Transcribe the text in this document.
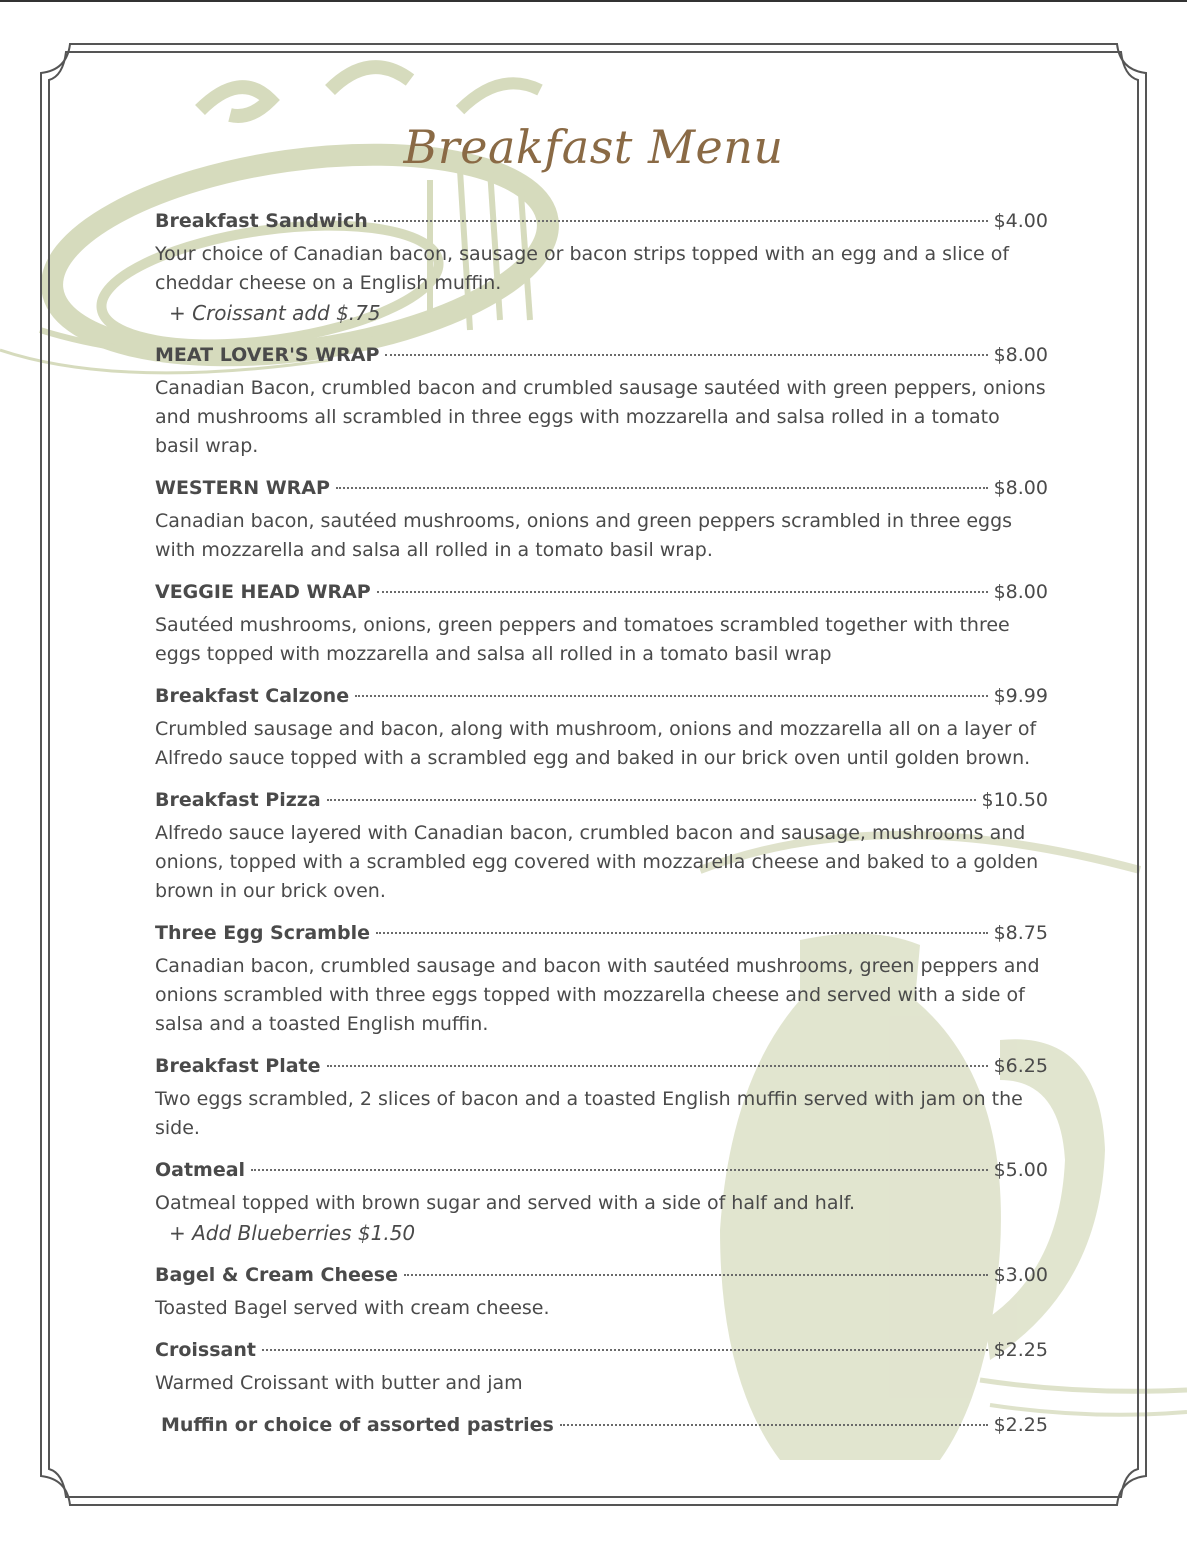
Breakfast Menu
Breakfast Sandwich	$4.00
Your choice of Canadian bacon, sausage or bacon strips topped with an egg and a slice of cheddar cheese on a English muffin.
+ Croissant add $.75
MEAT LOVER'S WRAP	$8.00
Canadian Bacon, crumbled bacon and crumbled sausage sautéed with green peppers, onions and mushrooms all scrambled in three eggs with mozzarella and salsa rolled in a tomato basil wrap.
WESTERN WRAP	$8.00
Canadian bacon, sautéed mushrooms, onions and green peppers scrambled in three eggs with mozzarella and salsa all rolled in a tomato basil wrap.
VEGGIE HEAD WRAP	$8.00
Sautéed mushrooms, onions, green peppers and tomatoes scrambled together with three eggs topped with mozzarella and salsa all rolled in a tomato basil wrap
Breakfast Calzone	$9.99
Crumbled sausage and bacon, along with mushroom, onions and mozzarella all on a layer of Alfredo sauce topped with a scrambled egg and baked in our brick oven until golden brown.
Breakfast Pizza	$10.50
Alfredo sauce layered with Canadian bacon, crumbled bacon and sausage, mushrooms and onions, topped with a scrambled egg covered with mozzarella cheese and baked to a golden brown in our brick oven.
Three Egg Scramble	$8.75
Canadian bacon, crumbled sausage and bacon with sautéed mushrooms, green peppers and onions scrambled with three eggs topped with mozzarella cheese and served with a side of salsa and a toasted English muffin.
Breakfast Plate	$6.25
Two eggs scrambled, 2 slices of bacon and a toasted English muffin served with jam on the side.
Oatmeal	$5.00
Oatmeal topped with brown sugar and served with a side of half and half.
+ Add Blueberries $1.50
Bagel & Cream Cheese	$3.00
Toasted Bagel served with cream cheese.
Croissant	$2.25
Warmed Croissant with butter and jam
Muffin or choice of assorted pastries	$2.25
